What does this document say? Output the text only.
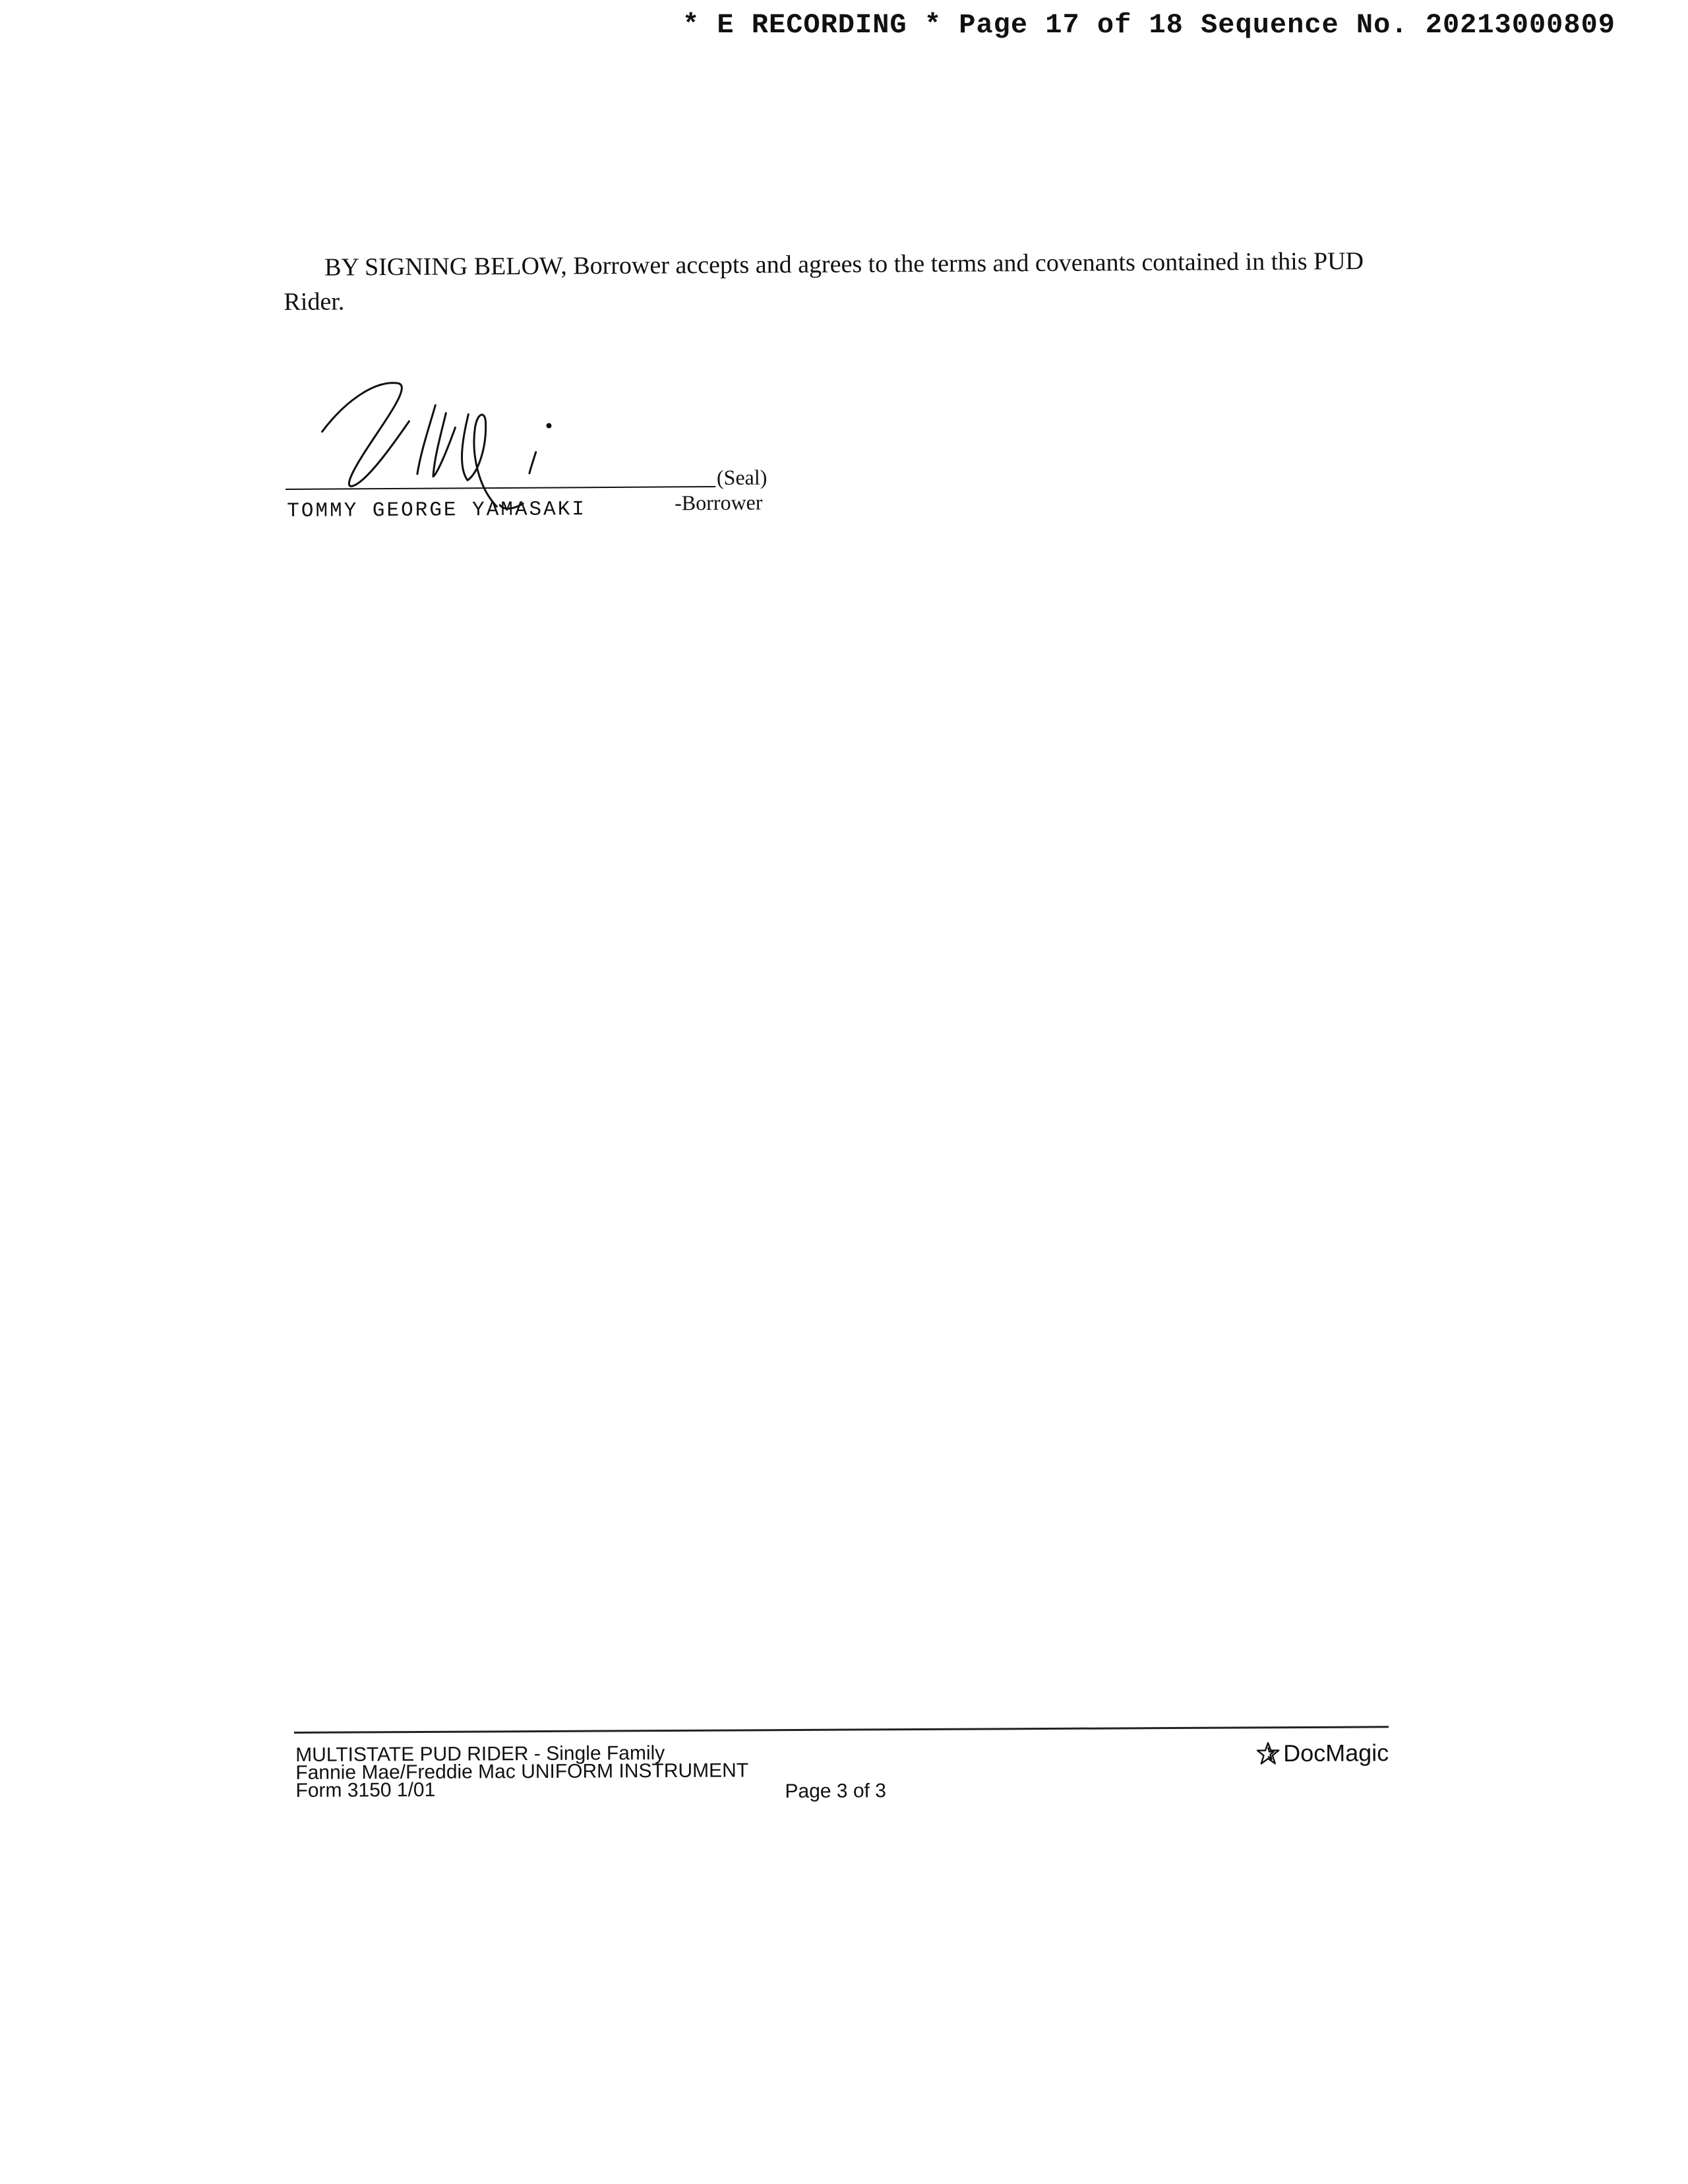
* E RECORDING * Page 17 of 18 Sequence No. 20213000809
BY SIGNING BELOW, Borrower accepts and agrees to the terms and covenants contained in this PUD Rider.
(Seal)
TOMMY GEORGE YAMASAKI	-Borrower
MULTISTATE PUD RIDER - Single Family
Fannie Mae/Freddie Mac UNIFORM INSTRUMENT
Form 3150 1/01	Page 3 of 3
DocMagic
